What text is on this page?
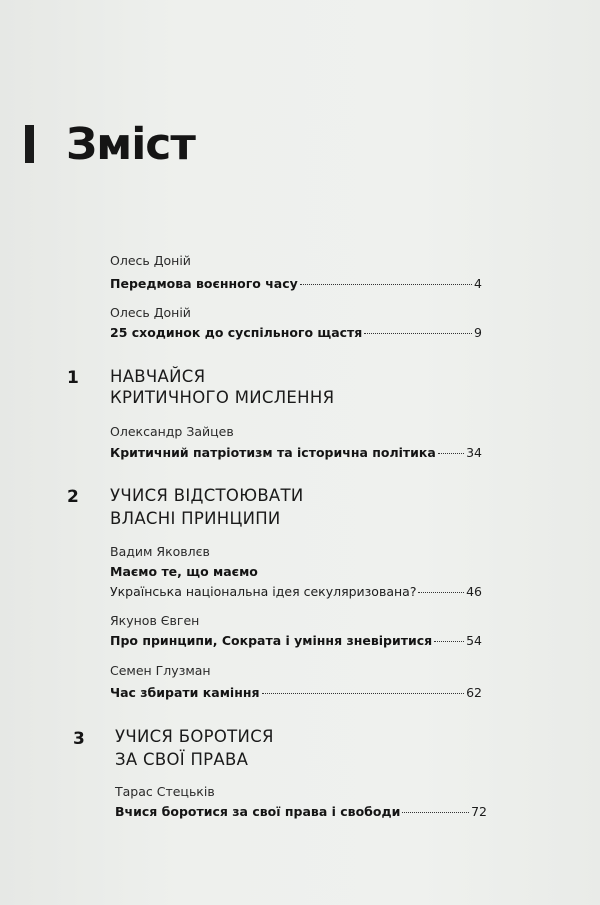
Зміст
Олесь Доній
Передмова воєнного часу	4
Олесь Доній
25 сходинок до суспільного щастя	9
1 НАВЧАЙСЯ
КРИТИЧНОГО МИСЛЕННЯ
Олександр Зайцев
Критичний патріотизм та історична політика 34
2 УЧИСЯ ВІДСТОЮВАТИ
ВЛАСНІ ПРИНЦИПИ
Вадим Яковлєв
Маємо те, що маємо
Українська національна ідея секуляризована?	46
Якунов Євген
Про принципи, Сократа і уміння зневіритися	54
Семен Глузман
Час збирати каміння	62
3 УЧИСЯ БОРОТИСЯ
ЗА СВОЇ ПРАВА
Тарас Стецьків
Вчися боротися за свої права і свободи	72
